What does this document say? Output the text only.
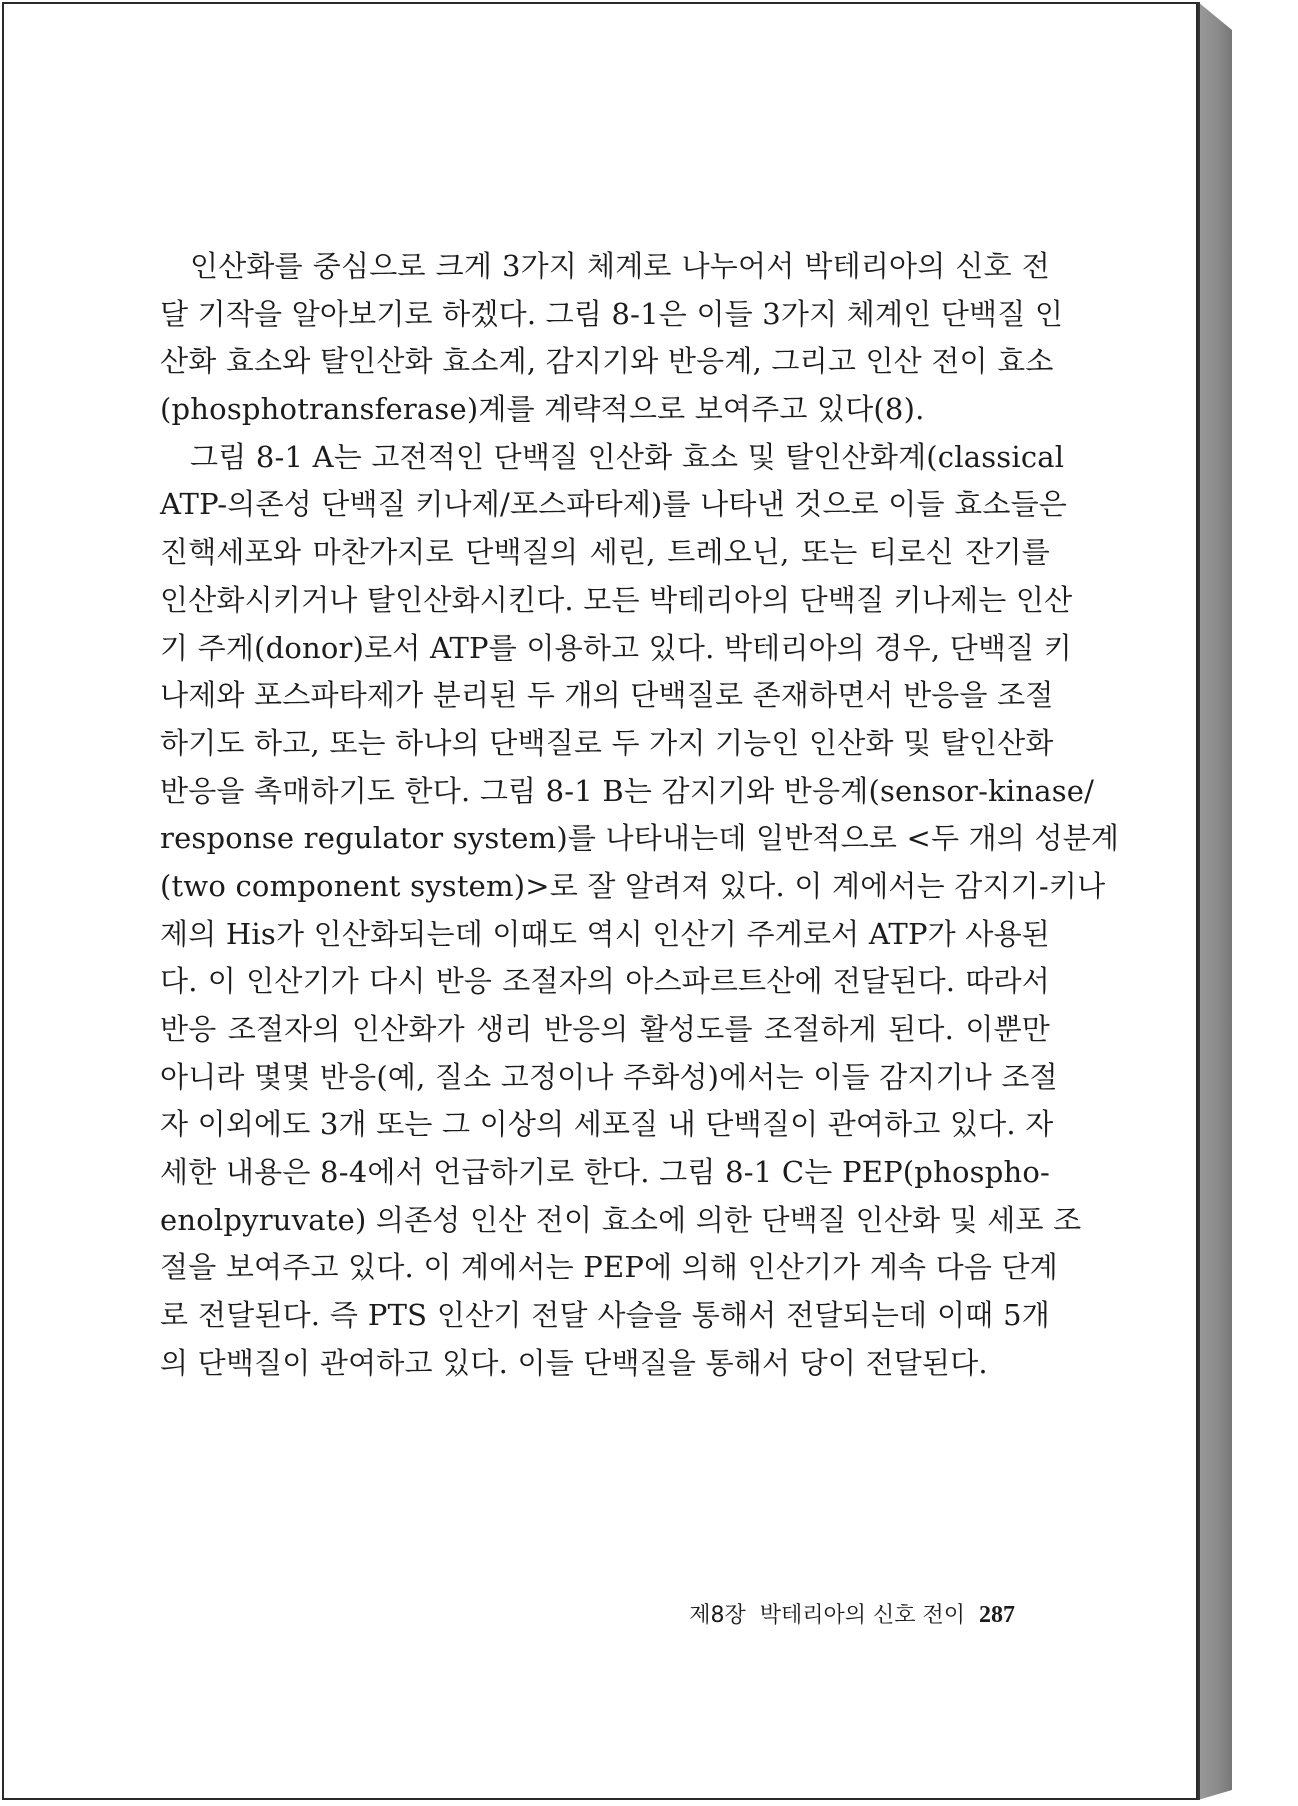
인산화를 중심으로 크게 3가지 체계로 나누어서 박테리아의 신호 전
달 기작을 알아보기로 하겠다. 그림 8-1은 이들 3가지 체계인 단백질 인
산화 효소와 탈인산화 효소계, 감지기와 반응계, 그리고 인산 전이 효소
(phosphotransferase)계를 계략적으로 보여주고 있다(8).
그림 8-1 A는 고전적인 단백질 인산화 효소 및 탈인산화계(classical
ATP-의존성 단백질 키나제/포스파타제)를 나타낸 것으로 이들 효소들은
진핵세포와 마찬가지로 단백질의 세린, 트레오닌, 또는 티로신 잔기를
인산화시키거나 탈인산화시킨다. 모든 박테리아의 단백질 키나제는 인산
기 주게(donor)로서 ATP를 이용하고 있다. 박테리아의 경우, 단백질 키
나제와 포스파타제가 분리된 두 개의 단백질로 존재하면서 반응을 조절
하기도 하고, 또는 하나의 단백질로 두 가지 기능인 인산화 및 탈인산화
반응을 촉매하기도 한다. 그림 8-1 B는 감지기와 반응계(sensor-kinase/
response regulator system)를 나타내는데 일반적으로 <두 개의 성분계
(two component system)>로 잘 알려져 있다. 이 계에서는 감지기-키나
제의 His가 인산화되는데 이때도 역시 인산기 주게로서 ATP가 사용된
다. 이 인산기가 다시 반응 조절자의 아스파르트산에 전달된다. 따라서
반응 조절자의 인산화가 생리 반응의 활성도를 조절하게 된다. 이뿐만
아니라 몇몇 반응(예, 질소 고정이나 주화성)에서는 이들 감지기나 조절
자 이외에도 3개 또는 그 이상의 세포질 내 단백질이 관여하고 있다. 자
세한 내용은 8-4에서 언급하기로 한다. 그림 8-1 C는 PEP(phospho-
enolpyruvate) 의존성 인산 전이 효소에 의한 단백질 인산화 및 세포 조
절을 보여주고 있다. 이 계에서는 PEP에 의해 인산기가 계속 다음 단계
로 전달된다. 즉 PTS 인산기 전달 사슬을 통해서 전달되는데 이때 5개
의 단백질이 관여하고 있다. 이들 단백질을 통해서 당이 전달된다.
제8장 박테리아의 신호 전이 287
